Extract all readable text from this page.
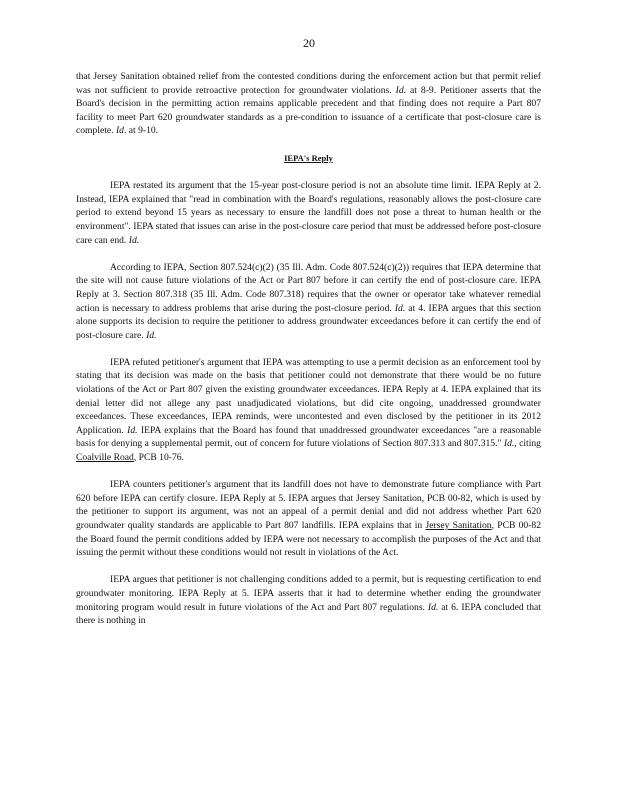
20

that Jersey Sanitation obtained relief from the contested conditions during the enforcement action but that permit relief was not sufficient to provide retroactive protection for groundwater violations. Id. at 8-9. Petitioner asserts that the Board's decision in the permitting action remains applicable precedent and that finding does not require a Part 807 facility to meet Part 620 groundwater standards as a pre-condition to issuance of a certificate that post-closure care is complete. Id. at 9-10.

IEPA's Reply

IEPA restated its argument that the 15-year post-closure period is not an absolute time limit. IEPA Reply at 2. Instead, IEPA explained that "read in combination with the Board's regulations, reasonably allows the post-closure care period to extend beyond 15 years as necessary to ensure the landfill does not pose a threat to human health or the environment". IEPA stated that issues can arise in the post-closure care period that must be addressed before post-closure care can end. Id.

According to IEPA, Section 807.524(c)(2) (35 Ill. Adm. Code 807.524(c)(2)) requires that IEPA determine that the site will not cause future violations of the Act or Part 807 before it can certify the end of post-closure care. IEPA Reply at 3. Section 807.318 (35 Ill. Adm. Code 807.318) requires that the owner or operator take whatever remedial action is necessary to address problems that arise during the post-closure period. Id. at 4. IEPA argues that this section alone supports its decision to require the petitioner to address groundwater exceedances before it can certify the end of post-closure care. Id.

IEPA refuted petitioner's argument that IEPA was attempting to use a permit decision as an enforcement tool by stating that its decision was made on the basis that petitioner could not demonstrate that there would be no future violations of the Act or Part 807 given the existing groundwater exceedances. IEPA Reply at 4. IEPA explained that its denial letter did not allege any past unadjudicated violations, but did cite ongoing, unaddressed groundwater exceedances. These exceedances, IEPA reminds, were uncontested and even disclosed by the petitioner in its 2012 Application. Id. IEPA explains that the Board has found that unaddressed groundwater exceedances "are a reasonable basis for denying a supplemental permit, out of concern for future violations of Section 807.313 and 807.315." Id., citing Coalville Road, PCB 10-76.

IEPA counters petitioner's argument that its landfill does not have to demonstrate future compliance with Part 620 before IEPA can certify closure. IEPA Reply at 5. IEPA argues that Jersey Sanitation, PCB 00-82, which is used by the petitioner to support its argument, was not an appeal of a permit denial and did not address whether Part 620 groundwater quality standards are applicable to Part 807 landfills. IEPA explains that in Jersey Sanitation, PCB 00-82 the Board found the permit conditions added by IEPA were not necessary to accomplish the purposes of the Act and that issuing the permit without these conditions would not result in violations of the Act.

IEPA argues that petitioner is not challenging conditions added to a permit, but is requesting certification to end groundwater monitoring. IEPA Reply at 5. IEPA asserts that it had to determine whether ending the groundwater monitoring program would result in future violations of the Act and Part 807 regulations. Id. at 6. IEPA concluded that there is nothing in
